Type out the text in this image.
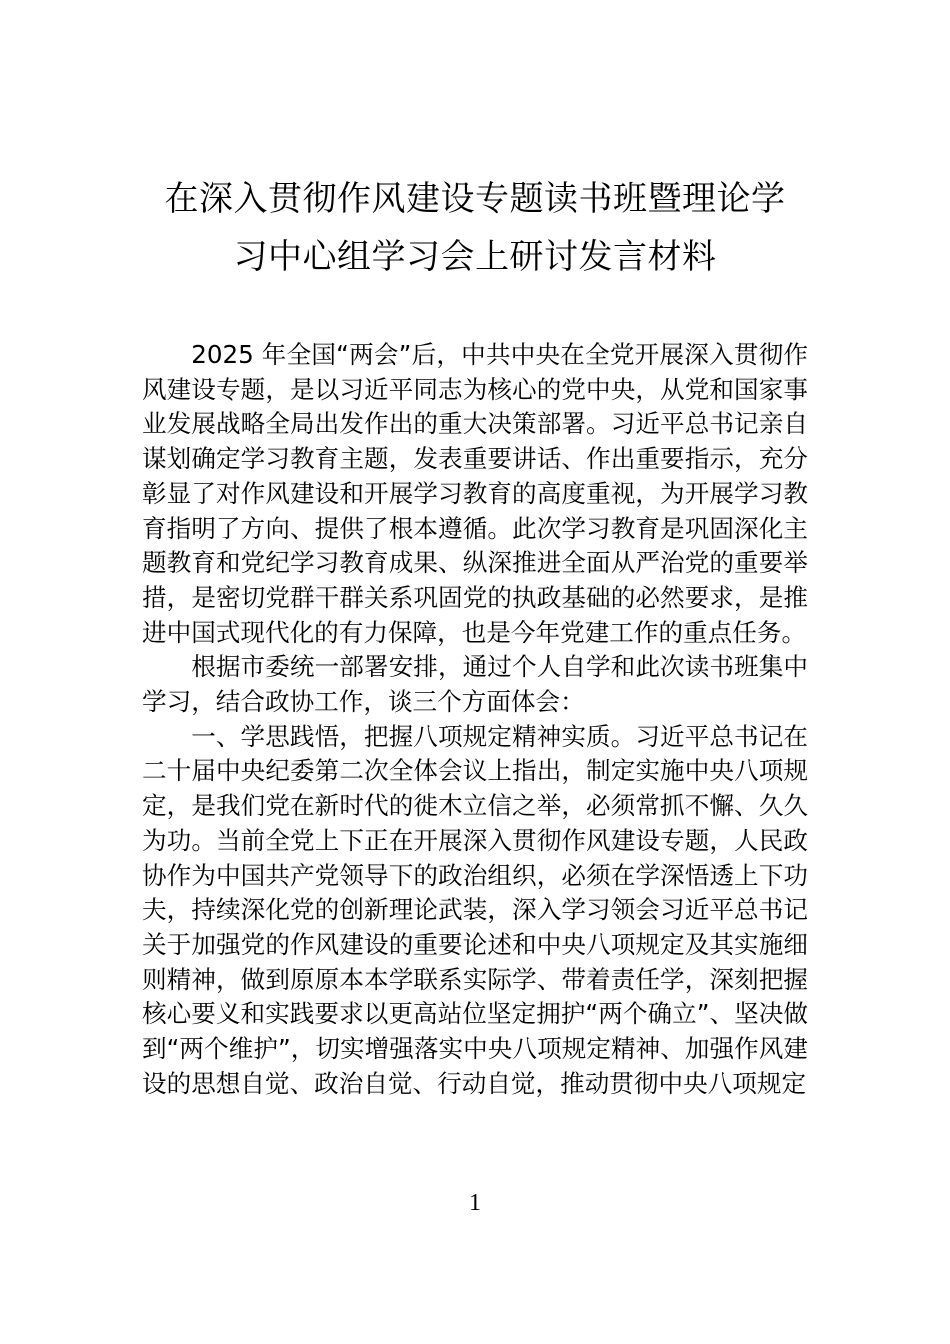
在深入贯彻作风建设专题读书班暨理论学
习中心组学习会上研讨发言材料

2025 年全国“两会”后，中共中央在全党开展深入贯彻作风建设专题，是以习近平同志为核心的党中央，从党和国家事业发展战略全局出发作出的重大决策部署。习近平总书记亲自谋划确定学习教育主题，发表重要讲话、作出重要指示，充分彰显了对作风建设和开展学习教育的高度重视，为开展学习教育指明了方向、提供了根本遵循。此次学习教育是巩固深化主题教育和党纪学习教育成果、纵深推进全面从严治党的重要举措，是密切党群干群关系巩固党的执政基础的必然要求，是推进中国式现代化的有力保障，也是今年党建工作的重点任务。

根据市委统一部署安排，通过个人自学和此次读书班集中学习，结合政协工作，谈三个方面体会：

一、学思践悟，把握八项规定精神实质。习近平总书记在二十届中央纪委第二次全体会议上指出，制定实施中央八项规定，是我们党在新时代的徙木立信之举，必须常抓不懈、久久为功。当前全党上下正在开展深入贯彻作风建设专题，人民政协作为中国共产党领导下的政治组织，必须在学深悟透上下功夫，持续深化党的创新理论武装，深入学习领会习近平总书记关于加强党的作风建设的重要论述和中央八项规定及其实施细则精神，做到原原本本学联系实际学、带着责任学，深刻把握核心要义和实践要求以更高站位坚定拥护“两个确立”、坚决做到“两个维护”，切实增强落实中央八项规定精神、加强作风建设的思想自觉、政治自觉、行动自觉，推动贯彻中央八项规定

1
